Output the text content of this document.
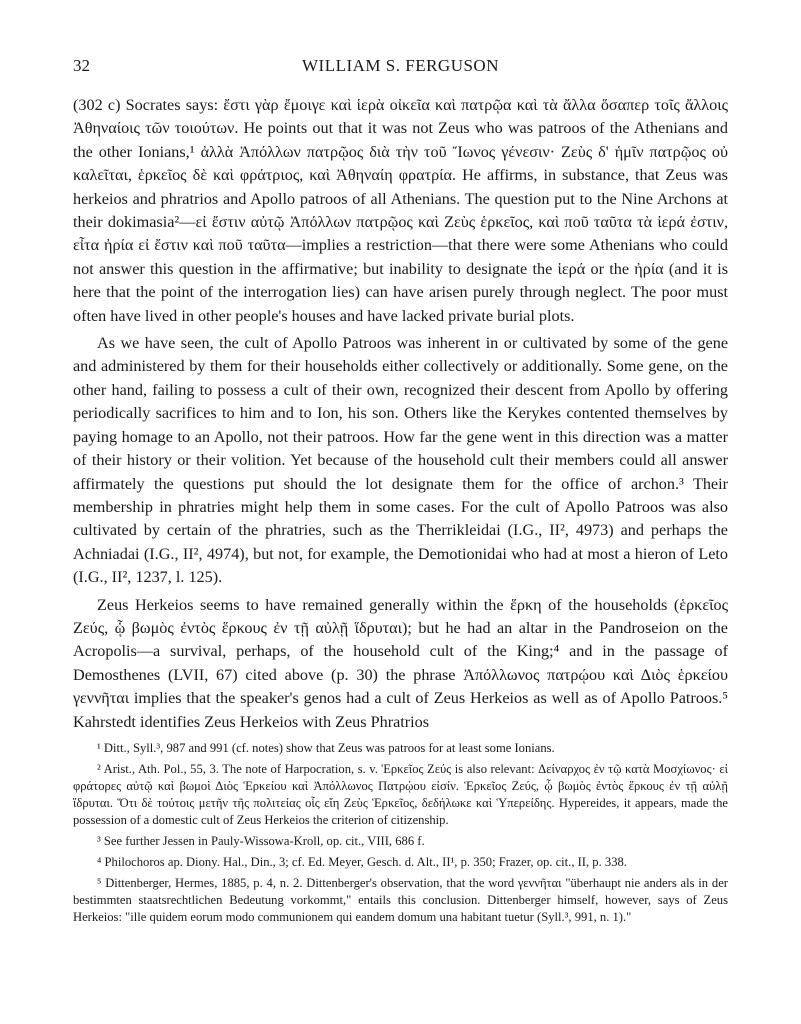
32	WILLIAM S. FERGUSON

(302 c) Socrates says: ἔστι γὰρ ἔμοιγε καὶ ἱερὰ οἰκεῖα καὶ πατρῷα καὶ τὰ ἄλλα ὅσαπερ τοῖς ἄλλοις Ἀθηναίοις τῶν τοιούτων. He points out that it was not Zeus who was patroos of the Athenians and the other Ionians,¹ ἀλλὰ Ἀπόλλων πατρῷος διὰ τὴν τοῦ Ἴωνος γένεσιν· Ζεὺς δ' ἡμῖν πατρῷος οὐ καλεῖται, ἑρκεῖος δὲ καὶ φράτριος, καὶ Ἀθηναίη φρατρία. He affirms, in substance, that Zeus was herkeios and phratrios and Apollo patroos of all Athenians. The question put to the Nine Archons at their dokimasia²—εἰ ἔστιν αὐτῷ Ἀπόλλων πατρῷος καὶ Ζεὺς ἑρκεῖος, καὶ ποῦ ταῦτα τὰ ἱερά ἐστιν, εἶτα ἠρία εἰ ἔστιν καὶ ποῦ ταῦτα—implies a restriction—that there were some Athenians who could not answer this question in the affirmative; but inability to designate the ἱερά or the ἠρία (and it is here that the point of the interrogation lies) can have arisen purely through neglect. The poor must often have lived in other people's houses and have lacked private burial plots.

As we have seen, the cult of Apollo Patroos was inherent in or cultivated by some of the gene and administered by them for their households either collectively or additionally. Some gene, on the other hand, failing to possess a cult of their own, recognized their descent from Apollo by offering periodically sacrifices to him and to Ion, his son. Others like the Kerykes contented themselves by paying homage to an Apollo, not their patroos. How far the gene went in this direction was a matter of their history or their volition. Yet because of the household cult their members could all answer affirmately the questions put should the lot designate them for the office of archon.³ Their membership in phratries might help them in some cases. For the cult of Apollo Patroos was also cultivated by certain of the phratries, such as the Therrikleidai (I.G., II², 4973) and perhaps the Achniadai (I.G., II², 4974), but not, for example, the Demotionidai who had at most a hieron of Leto (I.G., II², 1237, l. 125).

Zeus Herkeios seems to have remained generally within the ἕρκη of the households (ἑρκεῖος Ζεύς, ᾧ βωμὸς ἐντὸς ἕρκους ἐν τῇ αὐλῇ ἵδρυται); but he had an altar in the Pandroseion on the Acropolis—a survival, perhaps, of the household cult of the King;⁴ and in the passage of Demosthenes (LVII, 67) cited above (p. 30) the phrase Ἀπόλλωνος πατρῴου καὶ Διὸς ἑρκείου γεννῆται implies that the speaker's genos had a cult of Zeus Herkeios as well as of Apollo Patroos.⁵ Kahrstedt identifies Zeus Herkeios with Zeus Phratrios

¹ Ditt., Syll.³, 987 and 991 (cf. notes) show that Zeus was patroos for at least some Ionians.

² Arist., Ath. Pol., 55, 3. The note of Harpocration, s. v. Ἑρκεῖος Ζεύς is also relevant: Δείναρχος ἐν τῷ κατὰ Μοσχίωνος· εἰ φράτορες αὐτῷ καὶ βωμοὶ Διὸς Ἑρκείου καὶ Ἀπόλλωνος Πατρῴου εἰσίν. Ἑρκεῖος Ζεύς, ᾧ βωμὸς ἐντὸς ἕρκους ἐν τῇ αὐλῇ ἵδρυται. Ὅτι δὲ τούτοις μετῆν τῆς πολιτείας οἷς εἴη Ζεὺς Ἑρκεῖος, δεδήλωκε καὶ Ὑπερείδης. Hypereides, it appears, made the possession of a domestic cult of Zeus Herkeios the criterion of citizenship.

³ See further Jessen in Pauly-Wissowa-Kroll, op. cit., VIII, 686 f.

⁴ Philochoros ap. Diony. Hal., Din., 3; cf. Ed. Meyer, Gesch. d. Alt., II¹, p. 350; Frazer, op. cit., II, p. 338.

⁵ Dittenberger, Hermes, 1885, p. 4, n. 2. Dittenberger's observation, that the word γεννῆται "überhaupt nie anders als in der bestimmten staatsrechtlichen Bedeutung vorkommt," entails this conclusion. Dittenberger himself, however, says of Zeus Herkeios: "ille quidem eorum modo communionem qui eandem domum una habitant tuetur (Syll.³, 991, n. 1)."
